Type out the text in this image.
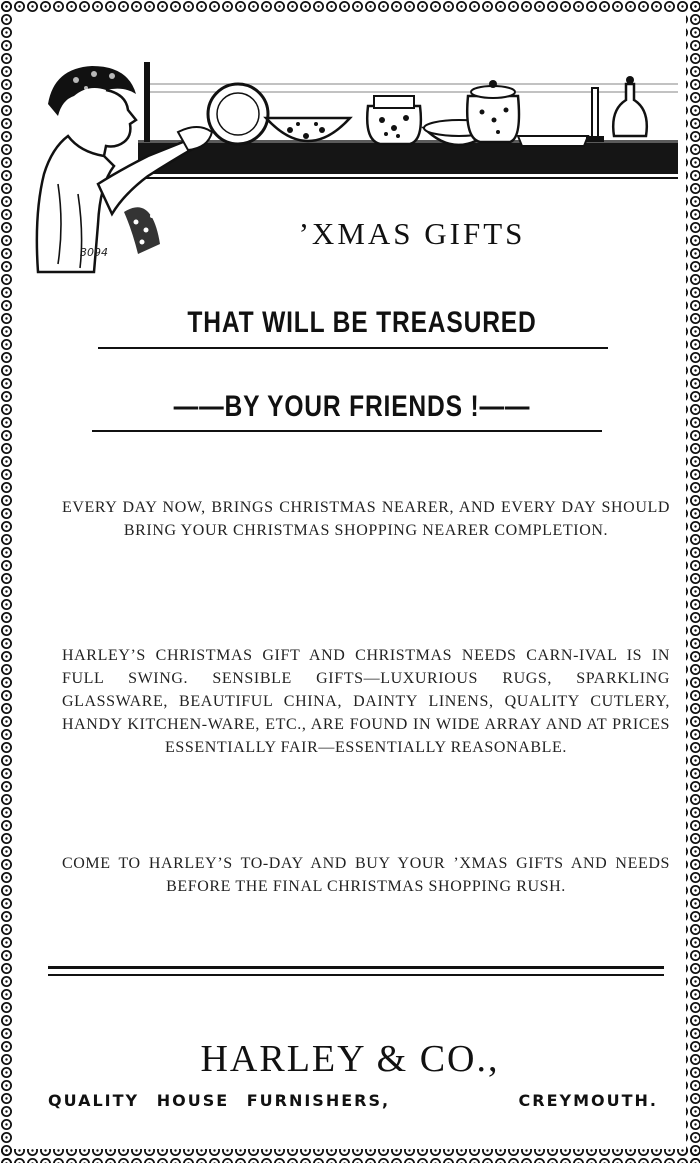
3094
’XMAS GIFTS
THAT WILL BE TREASURED
——BY YOUR FRIENDS !——
EVERY DAY NOW, BRINGS CHRISTMAS NEARER, AND EVERY DAY SHOULD BRING YOUR CHRISTMAS SHOPPING NEARER COMPLETION.
HARLEY’S CHRISTMAS GIFT AND CHRISTMAS NEEDS CARN-IVAL IS IN FULL SWING. SENSIBLE GIFTS—LUXURIOUS RUGS, SPARKLING GLASSWARE, BEAUTIFUL CHINA, DAINTY LINENS, QUALITY CUTLERY, HANDY KITCHEN-WARE, ETC., ARE FOUND IN WIDE ARRAY AND AT PRICES ESSENTIALLY FAIR—ESSENTIALLY REASONABLE.
COME TO HARLEY’S TO-DAY AND BUY YOUR ’XMAS GIFTS AND NEEDS BEFORE THE FINAL CHRISTMAS SHOPPING RUSH.
HARLEY & CO.,
QUALITY HOUSE FURNISHERS,	CREYMOUTH.
